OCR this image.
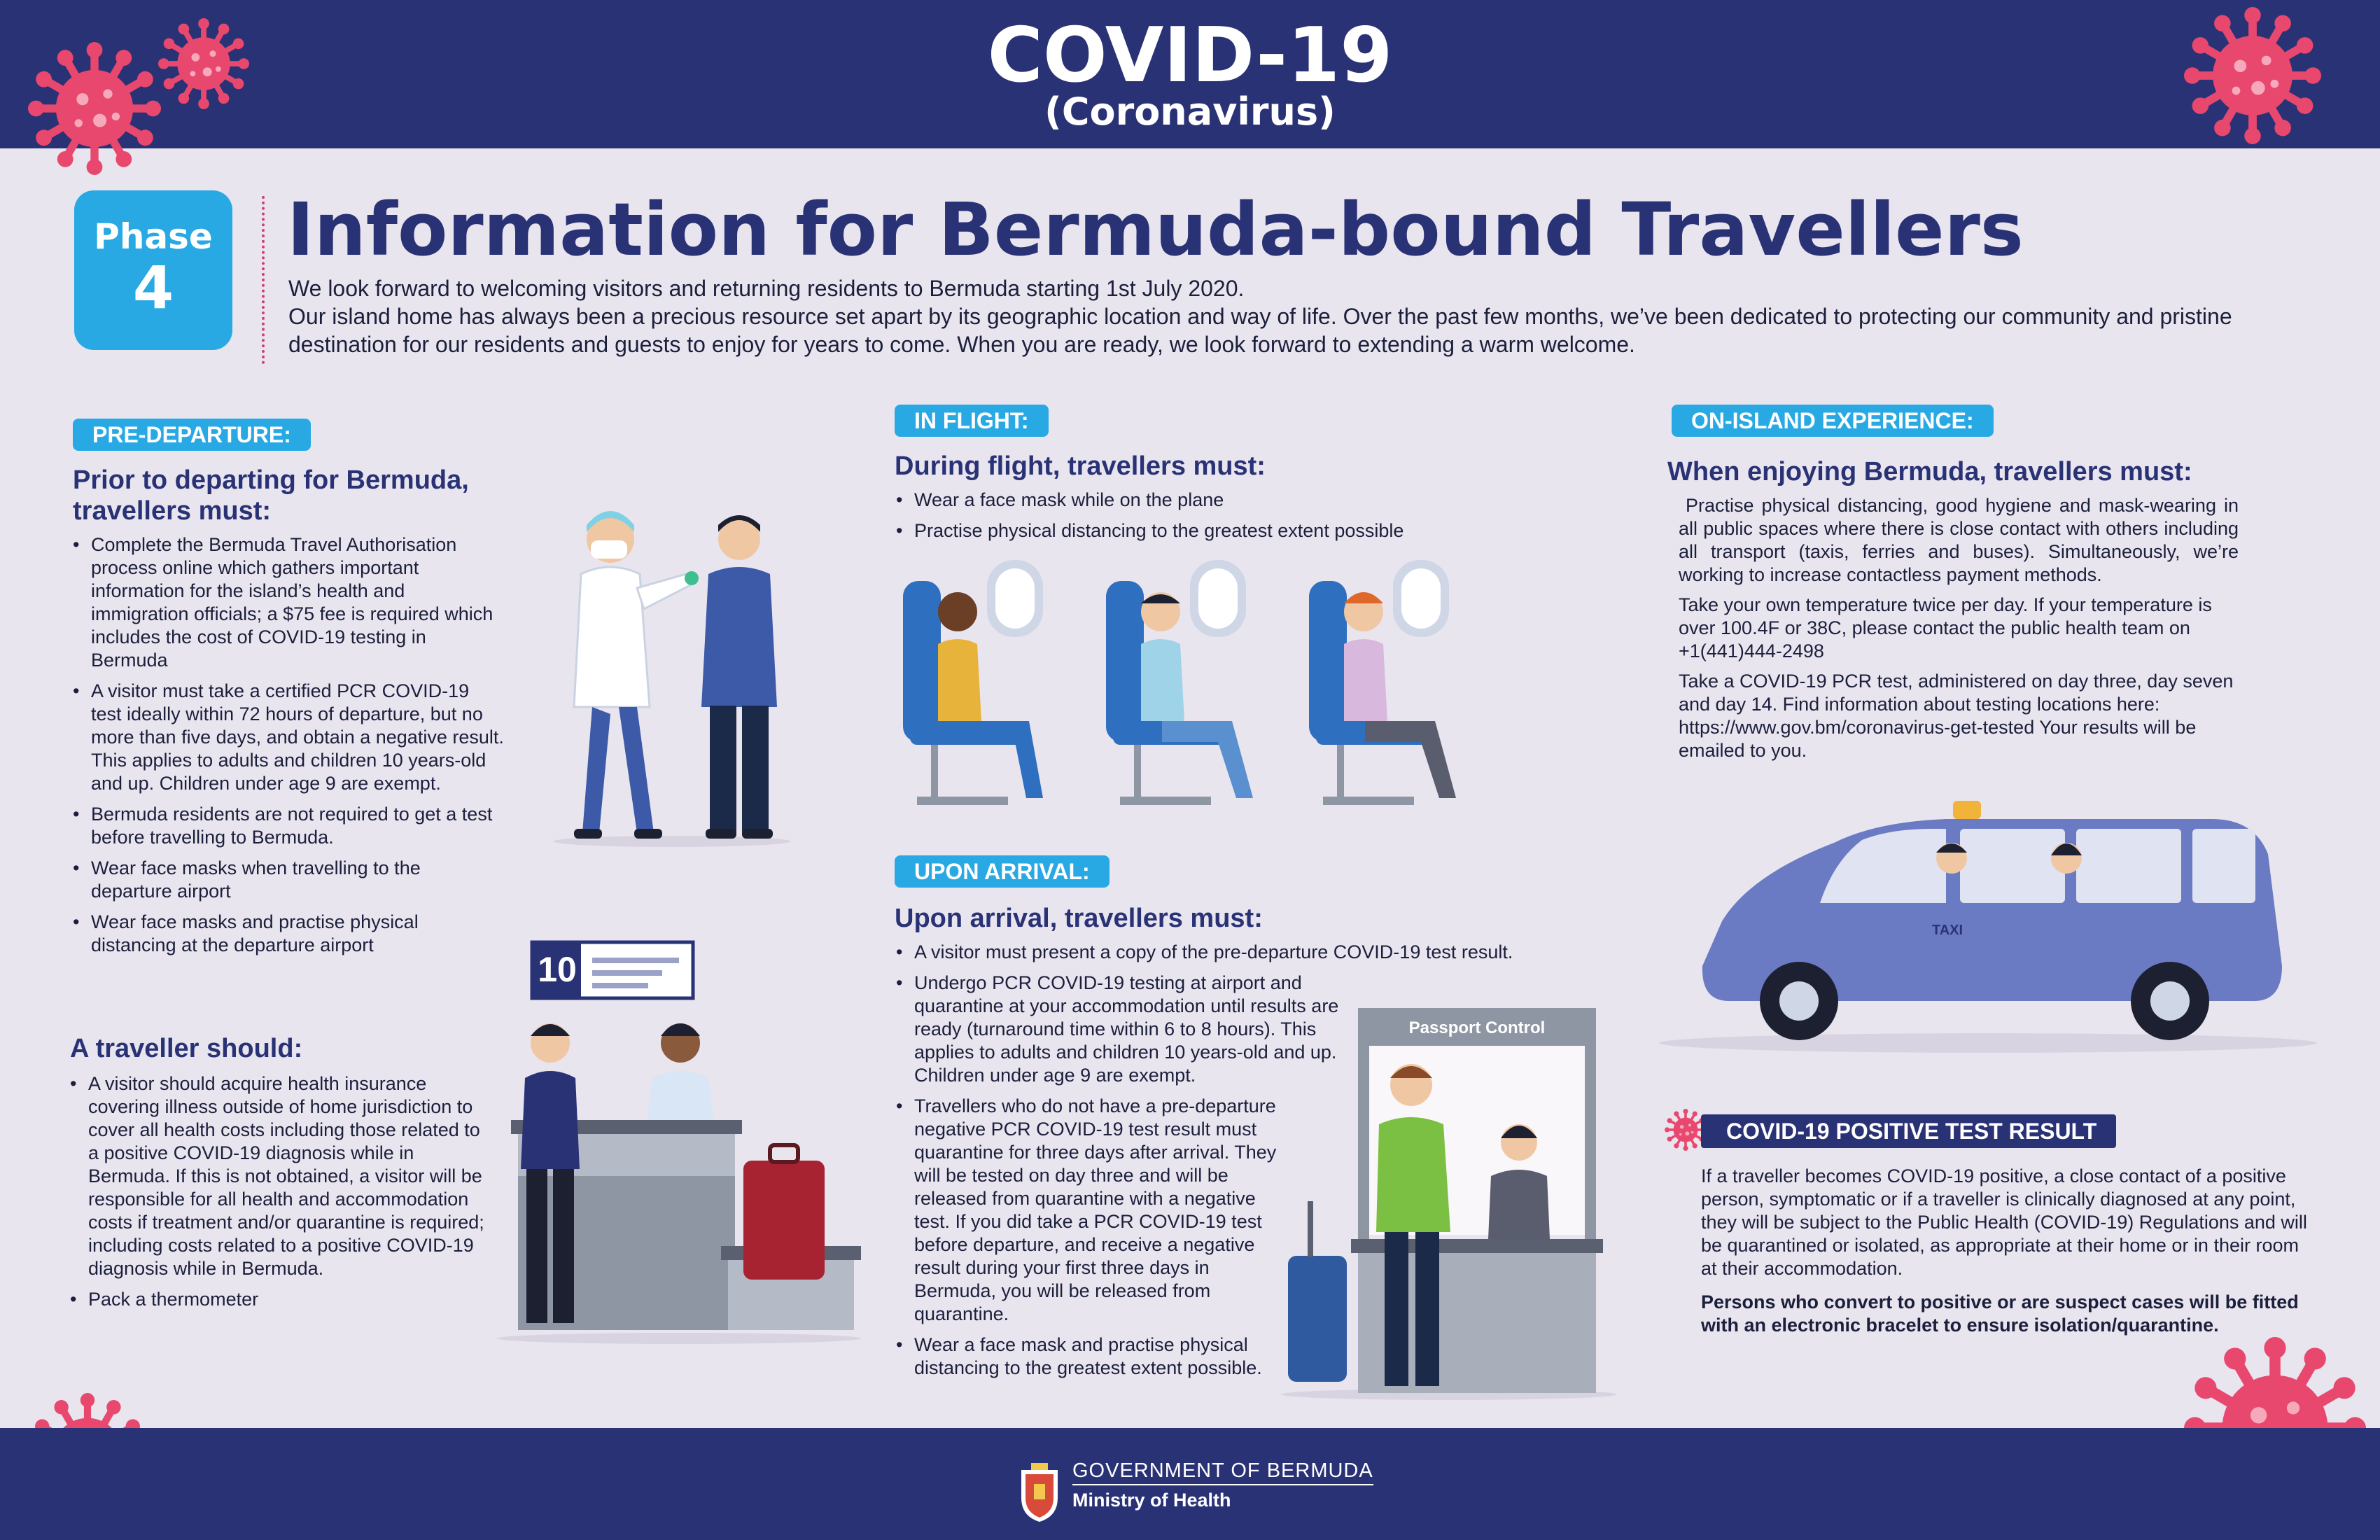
COVID-19
(Coronavirus)
Phase
4
Information for Bermuda-bound Travellers
We look forward to welcoming visitors and returning residents to Bermuda starting 1st July 2020.
Our island home has always been a precious resource set apart by its geographic location and way of life. Over the past few months, we’ve been dedicated to protecting our community and pristine destination for our residents and guests to enjoy for years to come. When you are ready, we look forward to extending a warm welcome.
PRE-DEPARTURE:
Prior to departing for Bermuda, travellers must:
• Complete the Bermuda Travel Authorisation process online which gathers important information for the island’s health and immigration officials; a $75 fee is required which includes the cost of COVID-19 testing in Bermuda
• A visitor must take a certified PCR COVID-19 test ideally within 72 hours of departure, but no more than five days, and obtain a negative result. This applies to adults and children 10 years-old and up. Children under age 9 are exempt.
• Bermuda residents are not required to get a test before travelling to Bermuda.
• Wear face masks when travelling to the departure airport
• Wear face masks and practise physical distancing at the departure airport
A traveller should:
• A visitor should acquire health insurance covering illness outside of home jurisdiction to cover all health costs including those related to a positive COVID-19 diagnosis while in Bermuda. If this is not obtained, a visitor will be responsible for all health and accommodation costs if treatment and/or quarantine is required; including costs related to a positive COVID-19 diagnosis while in Bermuda.
• Pack a thermometer
10
IN FLIGHT:
During flight, travellers must:
• Wear a face mask while on the plane
• Practise physical distancing to the greatest extent possible
UPON ARRIVAL:
Upon arrival, travellers must:
• A visitor must present a copy of the pre-departure COVID-19 test result.
• Undergo PCR COVID-19 testing at airport and quarantine at your accommodation until results are ready (turnaround time within 6 to 8 hours). This applies to adults and children 10 years-old and up. Children under age 9 are exempt.
• Travellers who do not have a pre-departure negative PCR COVID-19 test result must quarantine for three days after arrival. They will be tested on day three and will be released from quarantine with a negative test. If you did take a PCR COVID-19 test before departure, and receive a negative result during your first three days in Bermuda, you will be released from quarantine.
• Wear a face mask and practise physical distancing to the greatest extent possible.
Passport Control
ON-ISLAND EXPERIENCE:
When enjoying Bermuda, travellers must:

Practise physical distancing, good hygiene and mask-wearing in all public spaces where there is close contact with others including all transport (taxis, ferries and buses). Simultaneously, we’re working to increase contactless payment methods.

Take your own temperature twice per day. If your temperature is over 100.4F or 38C, please contact the public health team on +1(441)444-2498

Take a COVID-19 PCR test, administered on day three, day seven and day 14. Find information about testing locations here: https://www.gov.bm/coronavirus-get-tested Your results will be emailed to you.

TAXI
COVID-19 POSITIVE TEST RESULT
If a traveller becomes COVID-19 positive, a close contact of a positive person, symptomatic or if a traveller is clinically diagnosed at any point, they will be subject to the Public Health (COVID-19) Regulations and will be quarantined or isolated, as appropriate at their home or in their room at their accommodation.
Persons who convert to positive or are suspect cases will be fitted with an electronic bracelet to ensure isolation/quarantine.
GOVERNMENT OF BERMUDA
Ministry of Health
